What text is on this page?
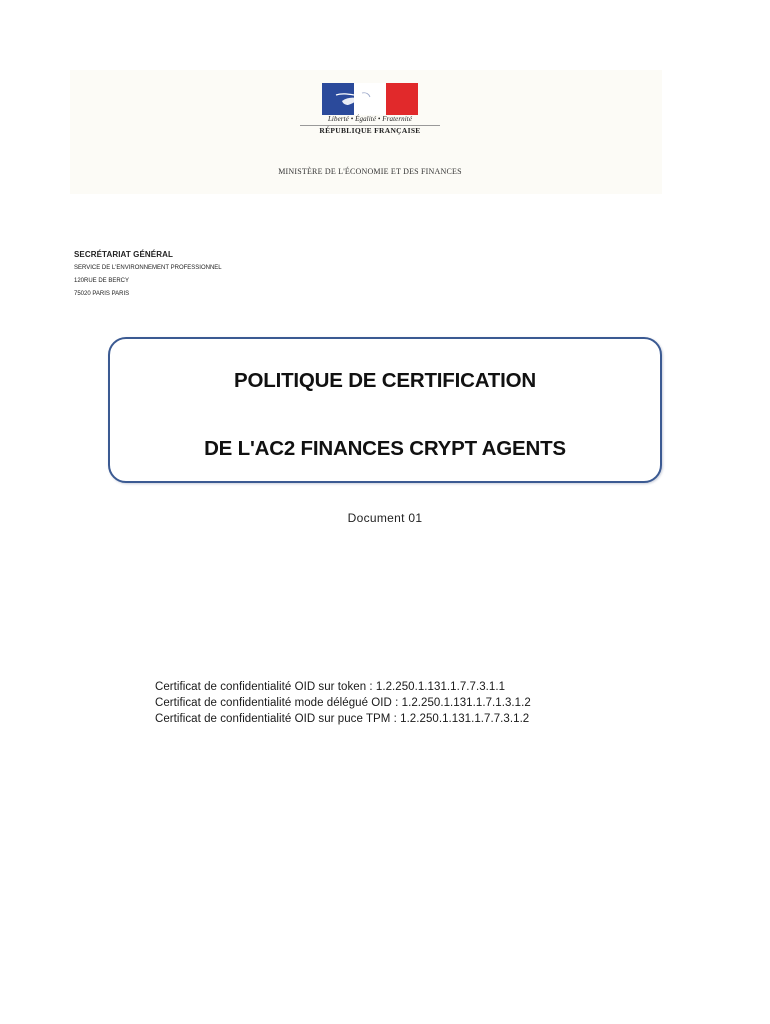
Liberté • Égalité • Fraternité
RÉPUBLIQUE FRANÇAISE
MINISTÈRE DE L'ÉCONOMIE ET DES FINANCES
SECRÉTARIAT GÉNÉRAL
SERVICE DE L'ENVIRONNEMENT PROFESSIONNEL
120RUE DE BERCY
75020 PARIS PARIS
POLITIQUE DE CERTIFICATION
DE L'AC2 FINANCES CRYPT AGENTS
Document 01
Certificat de confidentialité OID sur token : 1.2.250.1.131.1.7.7.3.1.1
Certificat de confidentialité mode délégué OID : 1.2.250.1.131.1.7.1.3.1.2
Certificat de confidentialité OID sur puce TPM : 1.2.250.1.131.1.7.7.3.1.2
